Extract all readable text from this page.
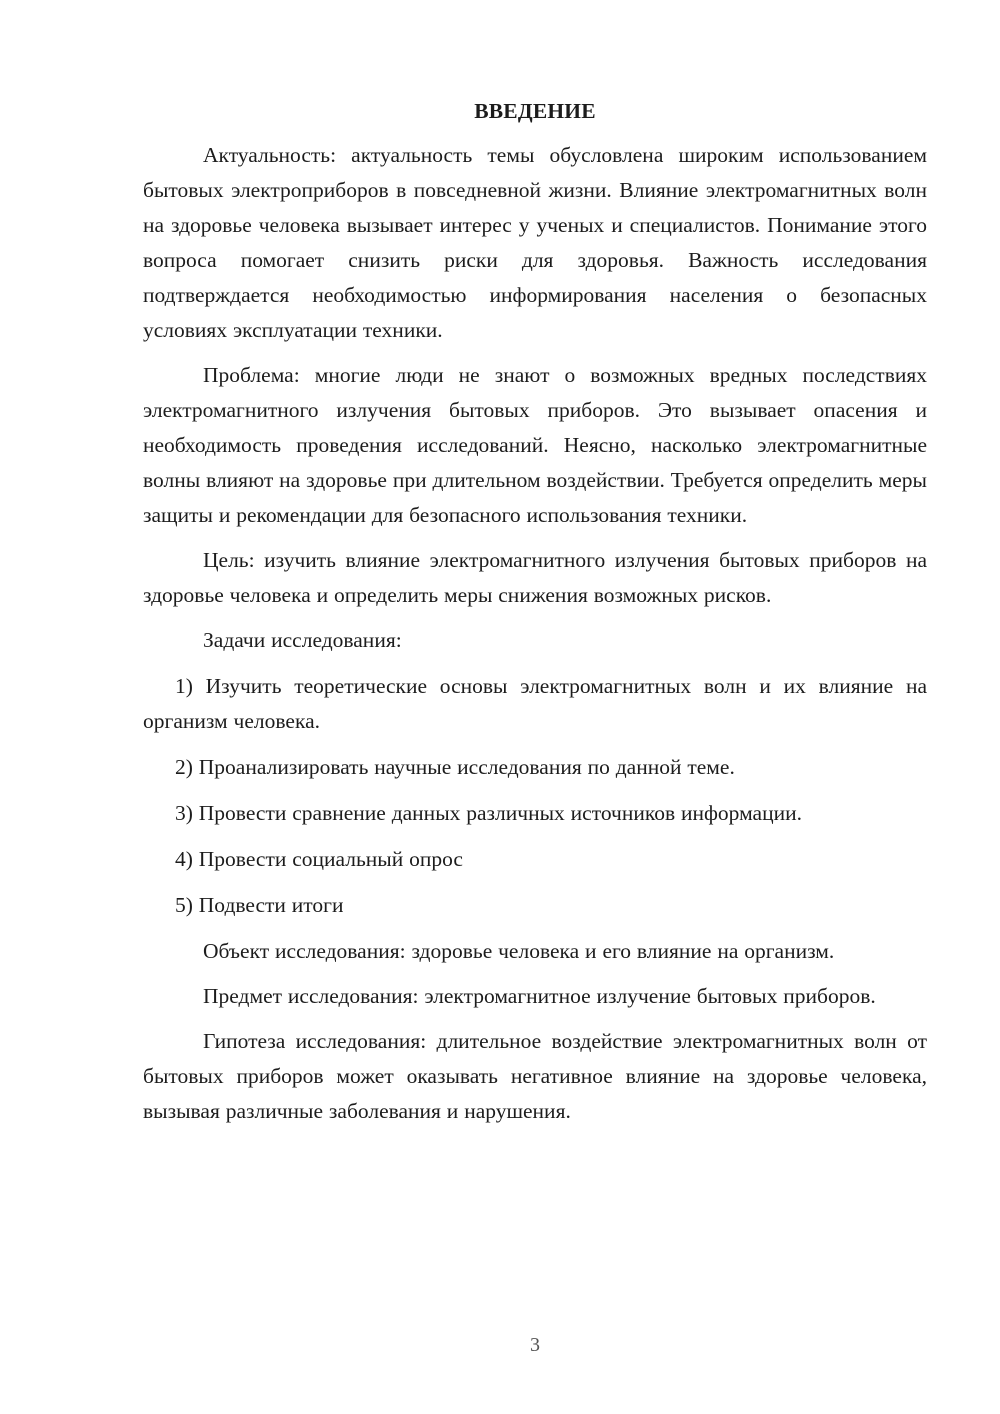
ВВЕДЕНИЕ

Актуальность: актуальность темы обусловлена широким использованием бытовых электроприборов в повседневной жизни. Влияние электромагнитных волн на здоровье человека вызывает интерес у ученых и специалистов. Понимание этого вопроса помогает снизить риски для здоровья. Важность исследования подтверждается необходимостью информирования населения о безопасных условиях эксплуатации техники.

Проблема: многие люди не знают о возможных вредных последствиях электромагнитного излучения бытовых приборов. Это вызывает опасения и необходимость проведения исследований. Неясно, насколько электромагнитные волны влияют на здоровье при длительном воздействии. Требуется определить меры защиты и рекомендации для безопасного использования техники.

Цель: изучить влияние электромагнитного излучения бытовых приборов на здоровье человека и определить меры снижения возможных рисков.

Задачи исследования:

1) Изучить теоретические основы электромагнитных волн и их влияние на организм человека.

2) Проанализировать научные исследования по данной теме.

3) Провести сравнение данных различных источников информации.

4) Провести социальный опрос

5) Подвести итоги

Объект исследования: здоровье человека и его влияние на организм.

Предмет исследования: электромагнитное излучение бытовых приборов.

Гипотеза исследования: длительное воздействие электромагнитных волн от бытовых приборов может оказывать негативное влияние на здоровье человека, вызывая различные заболевания и нарушения.

3
